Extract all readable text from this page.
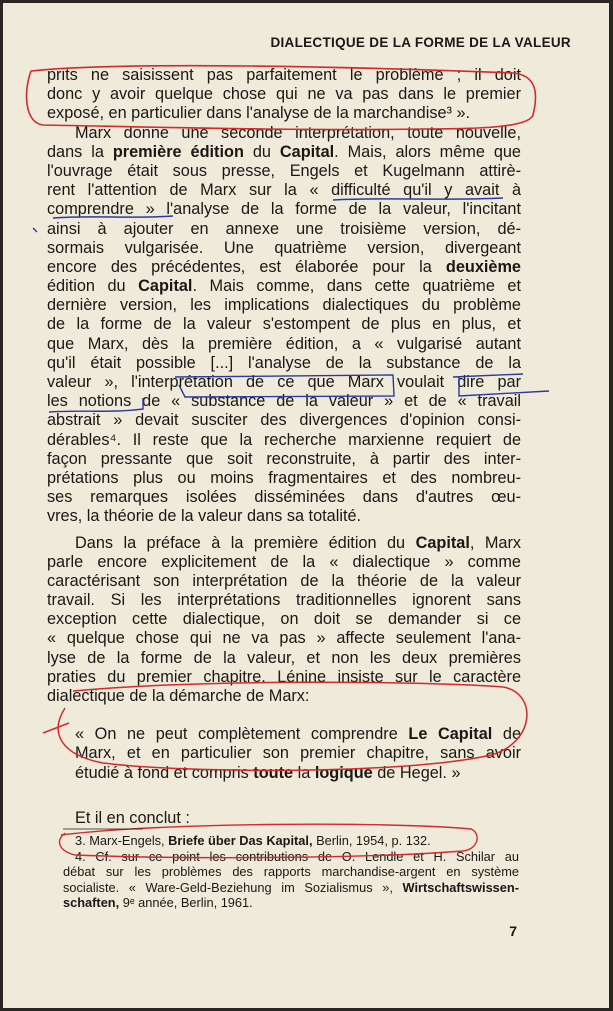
DIALECTIQUE DE LA FORME DE LA VALEUR
prits ne saisissent pas parfaitement le problème ; il doit
donc y avoir quelque chose qui ne va pas dans le premier
exposé, en particulier dans l'analyse de la marchandise³ ».
Marx donne une seconde interprétation, toute nouvelle,
dans la première édition du Capital. Mais, alors même que
l'ouvrage était sous presse, Engels et Kugelmann attirè-
rent l'attention de Marx sur la « difficulté qu'il y avait à
comprendre » l'analyse de la forme de la valeur, l'incitant
ainsi à ajouter en annexe une troisième version, dé-
sormais vulgarisée. Une quatrième version, divergeant
encore des précédentes, est élaborée pour la deuxième
édition du Capital. Mais comme, dans cette quatrième et
dernière version, les implications dialectiques du problème
de la forme de la valeur s'estompent de plus en plus, et
que Marx, dès la première édition, a « vulgarisé autant
qu'il était possible [...] l'analyse de la substance de la
valeur », l'interprétation de ce que Marx voulait dire par
les notions de « substance de la valeur » et de « travail
abstrait » devait susciter des divergences d'opinion consi-
dérables⁴. Il reste que la recherche marxienne requiert de
façon pressante que soit reconstruite, à partir des inter-
prétations plus ou moins fragmentaires et des nombreu-
ses remarques isolées disséminées dans d'autres œu-
vres, la théorie de la valeur dans sa totalité.
Dans la préface à la première édition du Capital, Marx
parle encore explicitement de la « dialectique » comme
caractérisant son interprétation de la théorie de la valeur
travail. Si les interprétations traditionnelles ignorent sans
exception cette dialectique, on doit se demander si ce
« quelque chose qui ne va pas » affecte seulement l'ana-
lyse de la forme de la valeur, et non les deux premières
praties du premier chapitre. Lénine insiste sur le caractère
dialectique de la démarche de Marx:
« On ne peut complètement comprendre Le Capital de
Marx, et en particulier son premier chapitre, sans avoir
étudié à fond et compris toute la logique de Hegel. »
Et il en conclut :
3. Marx-Engels, Briefe über Das Kapital, Berlin, 1954, p. 132.
4. Cf. sur ce point les contributions de O. Lendle et H. Schilar au
débat sur les problèmes des rapports marchandise-argent en système
socialiste. « Ware-Geld-Beziehung im Sozialismus », Wirtschaftswissen-
schaften, 9ᵉ année, Berlin, 1961.
7
